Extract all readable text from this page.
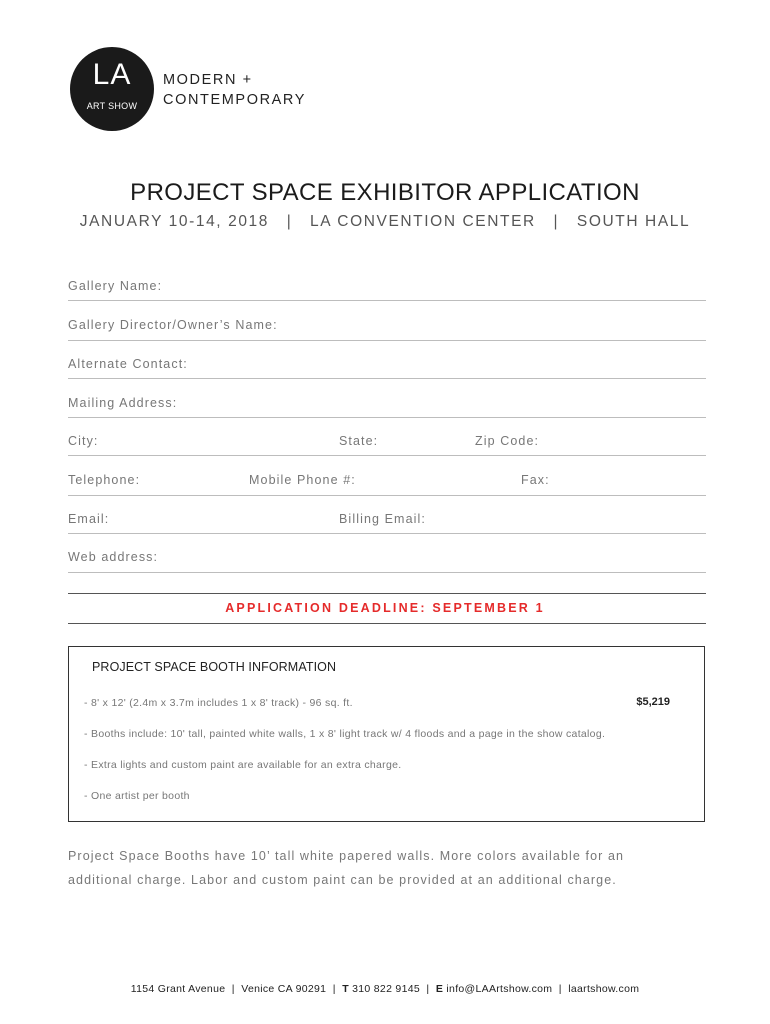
LA
ART SHOW
MODERN +
CONTEMPORARY
PROJECT SPACE EXHIBITOR APPLICATION
JANUARY 10-14, 2018   |   LA CONVENTION CENTER   |   SOUTH HALL
Gallery Name:
Gallery Director/Owner’s Name:
Alternate Contact:
Mailing Address:
City:	State:	Zip Code:
Telephone:	Mobile Phone #:	Fax:
Email:	Billing Email:
Web address:
APPLICATION DEADLINE: SEPTEMBER 1
PROJECT SPACE BOOTH INFORMATION
- 8' x 12' (2.4m x 3.7m includes 1 x 8' track) - 96 sq. ft.	$5,219
- Booths include: 10' tall, painted white walls, 1 x 8' light track w/ 4 floods and a page in the show catalog.
- Extra lights and custom paint are available for an extra charge.
- One artist per booth
Project Space Booths have 10’ tall white papered walls. More colors available for an
additional charge. Labor and custom paint can be provided at an additional charge.
1154 Grant Avenue  |  Venice CA 90291  |  T 310 822 9145  |  E info@LAArtshow.com  |  laartshow.com
